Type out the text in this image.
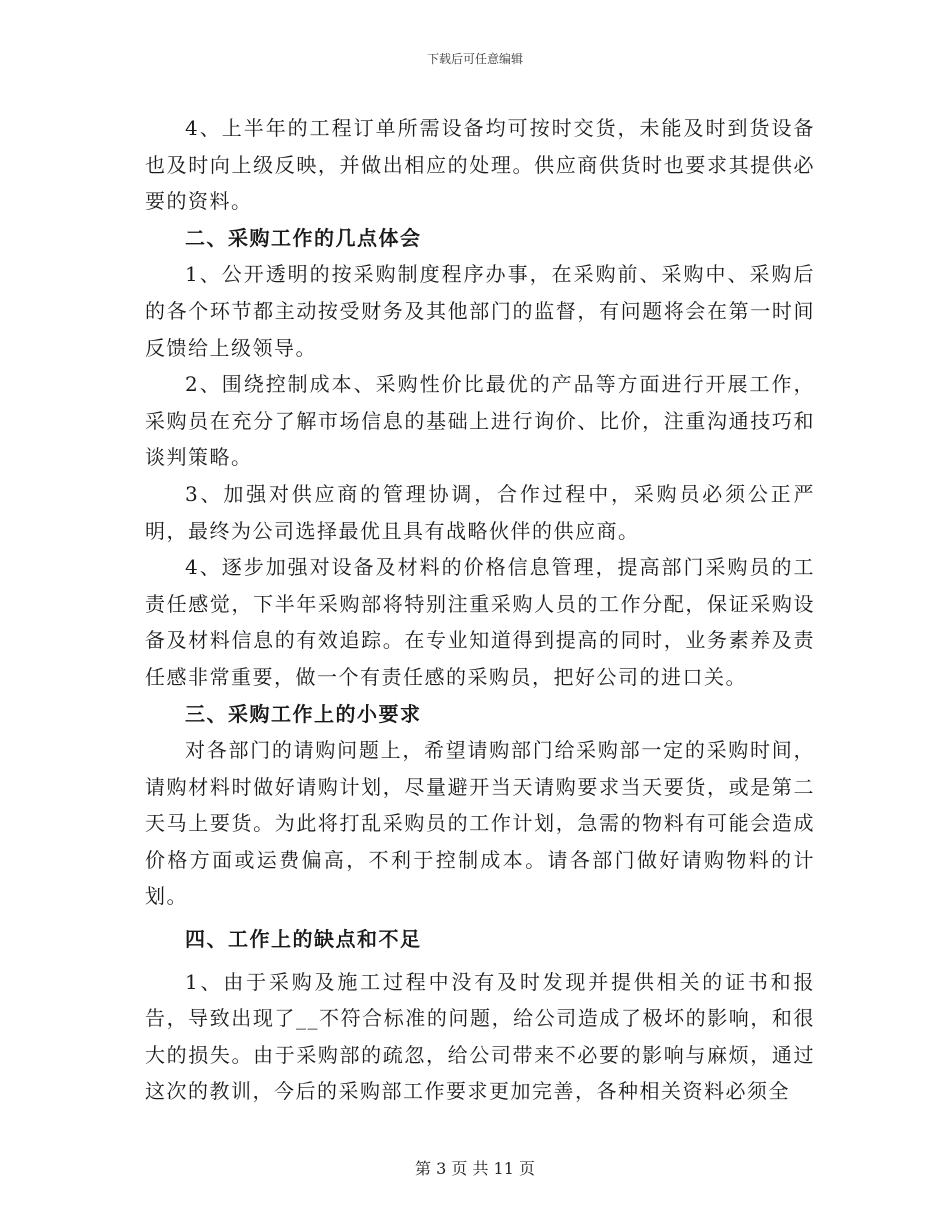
下载后可任意编辑

4、上半年的工程订单所需设备均可按时交货，未能及时到货设备也及时向上级反映，并做出相应的处理。供应商供货时也要求其提供必要的资料。

二、采购工作的几点体会

1、公开透明的按采购制度程序办事，在采购前、采购中、采购后的各个环节都主动按受财务及其他部门的监督，有问题将会在第一时间反馈给上级领导。

2、围绕控制成本、采购性价比最优的产品等方面进行开展工作，采购员在充分了解市场信息的基础上进行询价、比价，注重沟通技巧和谈判策略。

3、加强对供应商的管理协调，合作过程中，采购员必须公正严明，最终为公司选择最优且具有战略伙伴的供应商。

4、逐步加强对设备及材料的价格信息管理，提高部门采购员的工责任感觉，下半年采购部将特别注重采购人员的工作分配，保证采购设备及材料信息的有效追踪。在专业知道得到提高的同时，业务素养及责任感非常重要，做一个有责任感的采购员，把好公司的进口关。

三、采购工作上的小要求

对各部门的请购问题上，希望请购部门给采购部一定的采购时间，请购材料时做好请购计划，尽量避开当天请购要求当天要货，或是第二天马上要货。为此将打乱采购员的工作计划，急需的物料有可能会造成价格方面或运费偏高，不利于控制成本。请各部门做好请购物料的计划。

四、工作上的缺点和不足

1、由于采购及施工过程中没有及时发现并提供相关的证书和报告，导致出现了__不符合标准的问题，给公司造成了极坏的影响，和很大的损失。由于采购部的疏忽，给公司带来不必要的影响与麻烦，通过这次的教训，今后的采购部工作要求更加完善，各种相关资料必须全

第 3 页 共 11 页
